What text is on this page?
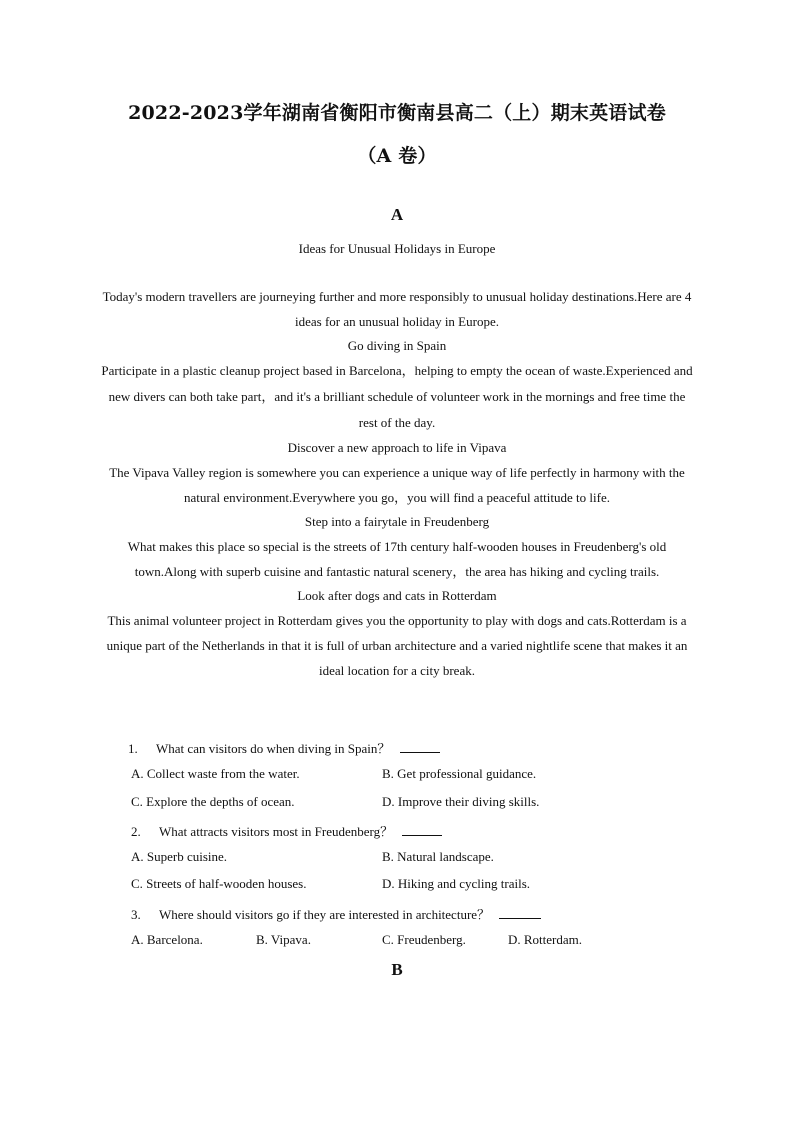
2022-2023学年湖南省衡阳市衡南县高二（上）期末英语试卷
（A 卷）
A
Ideas for Unusual Holidays in Europe
Today's modern travellers are journeying further and more responsibly to unusual holiday destinations.Here are 4 ideas for an unusual holiday in Europe.
Go diving in Spain
Participate in a plastic cleanup project based in Barcelona，helping to empty the ocean of waste.Experienced and new divers can both take part，and it's a brilliant schedule of volunteer work in the mornings and free time the rest of the day.
Discover a new approach to life in Vipava
The Vipava Valley region is somewhere you can experience a unique way of life perfectly in harmony with the natural environment.Everywhere you go，you will find a peaceful attitude to life.
Step into a fairytale in Freudenberg
What makes this place so special is the streets of 17th century half-wooden houses in Freudenberg's old town.Along with superb cuisine and fantastic natural scenery，the area has hiking and cycling trails.
Look after dogs and cats in Rotterdam
This animal volunteer project in Rotterdam gives you the opportunity to play with dogs and cats.Rotterdam is a unique part of the Netherlands in that it is full of urban architecture and a varied nightlife scene that makes it an ideal location for a city break.
1. What can visitors do when diving in Spain？
A. Collect waste from the water.	B. Get professional guidance.
C. Explore the depths of ocean.	D. Improve their diving skills.
2. What attracts visitors most in Freudenberg？
A. Superb cuisine.	B. Natural landscape.
C. Streets of half-wooden houses.	D. Hiking and cycling trails.
3. Where should visitors go if they are interested in architecture？
A. Barcelona.	B. Vipava.	C. Freudenberg.	D. Rotterdam.
B
